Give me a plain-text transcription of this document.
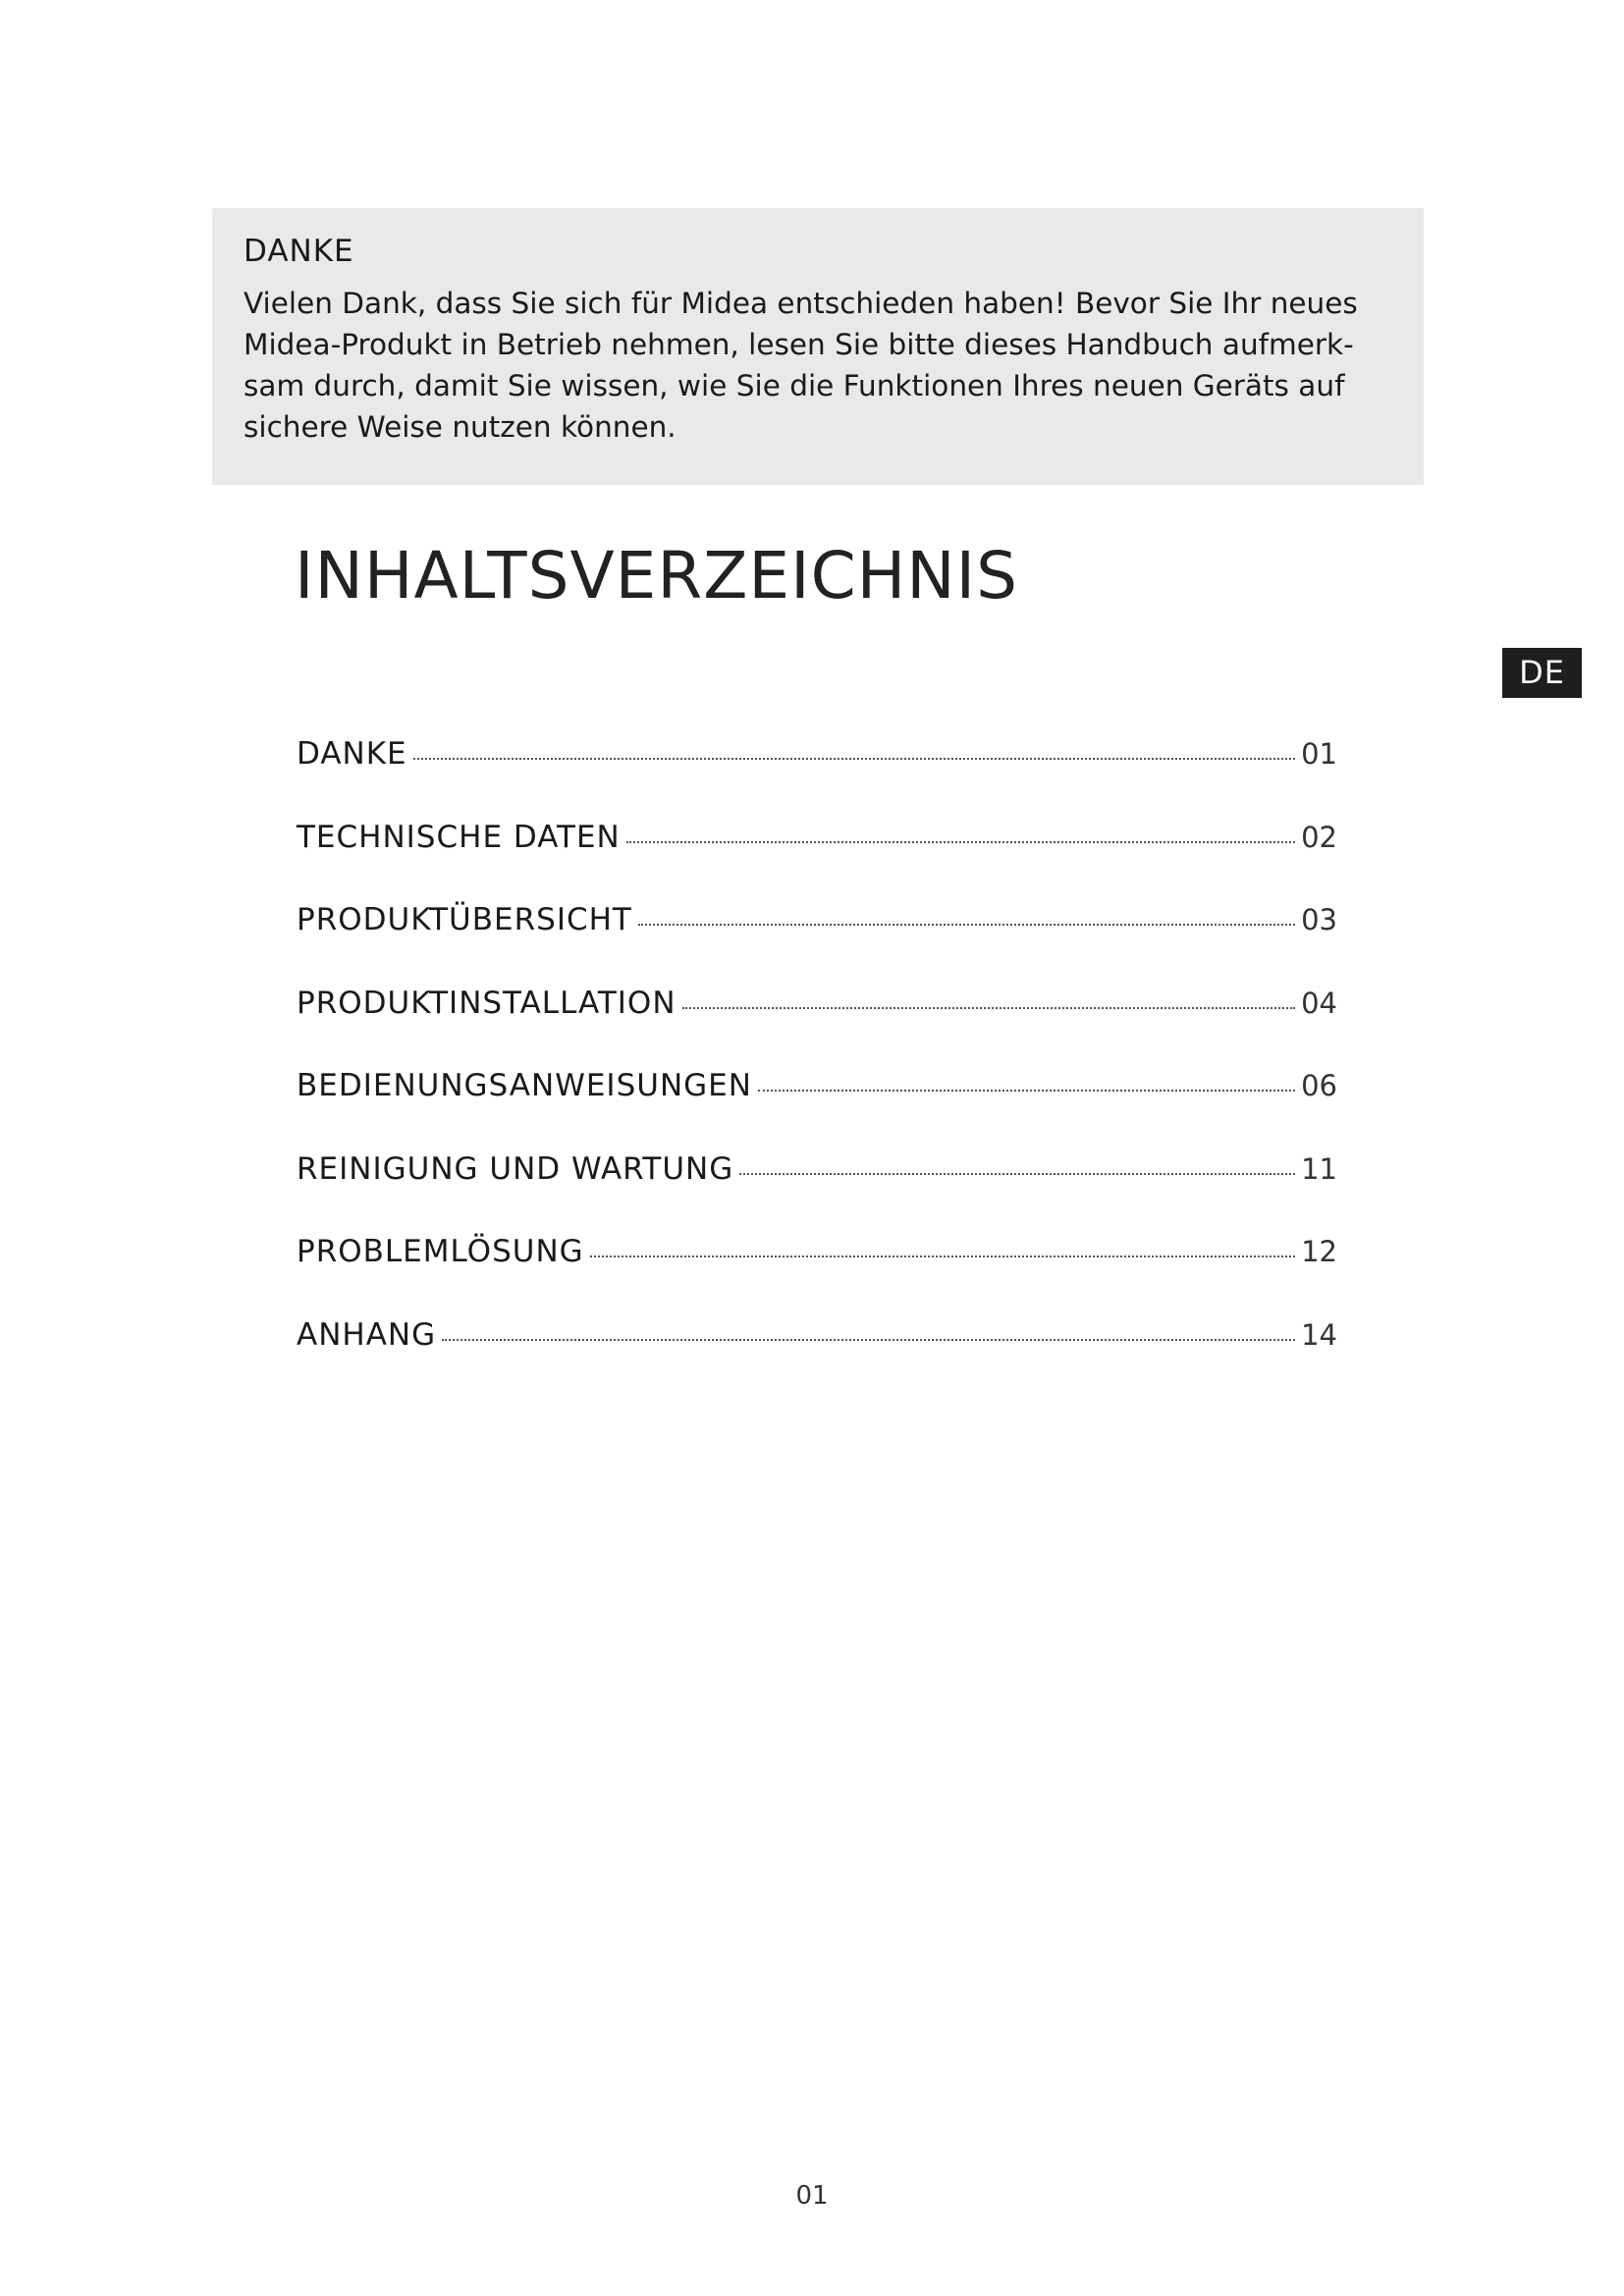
DANKE

Vielen Dank, dass Sie sich für Midea entschieden haben! Bevor Sie Ihr neues
Midea-Produkt in Betrieb nehmen, lesen Sie bitte dieses Handbuch aufmerk-
sam durch, damit Sie wissen, wie Sie die Funktionen Ihres neuen Geräts auf
sichere Weise nutzen können.

INHALTSVERZEICHNIS
DE
DANKE	01
TECHNISCHE DATEN	02
PRODUKTÜBERSICHT	03
PRODUKTINSTALLATION	04
BEDIENUNGSANWEISUNGEN	06
REINIGUNG UND WARTUNG	11
PROBLEMLÖSUNG	12
ANHANG	14
01
